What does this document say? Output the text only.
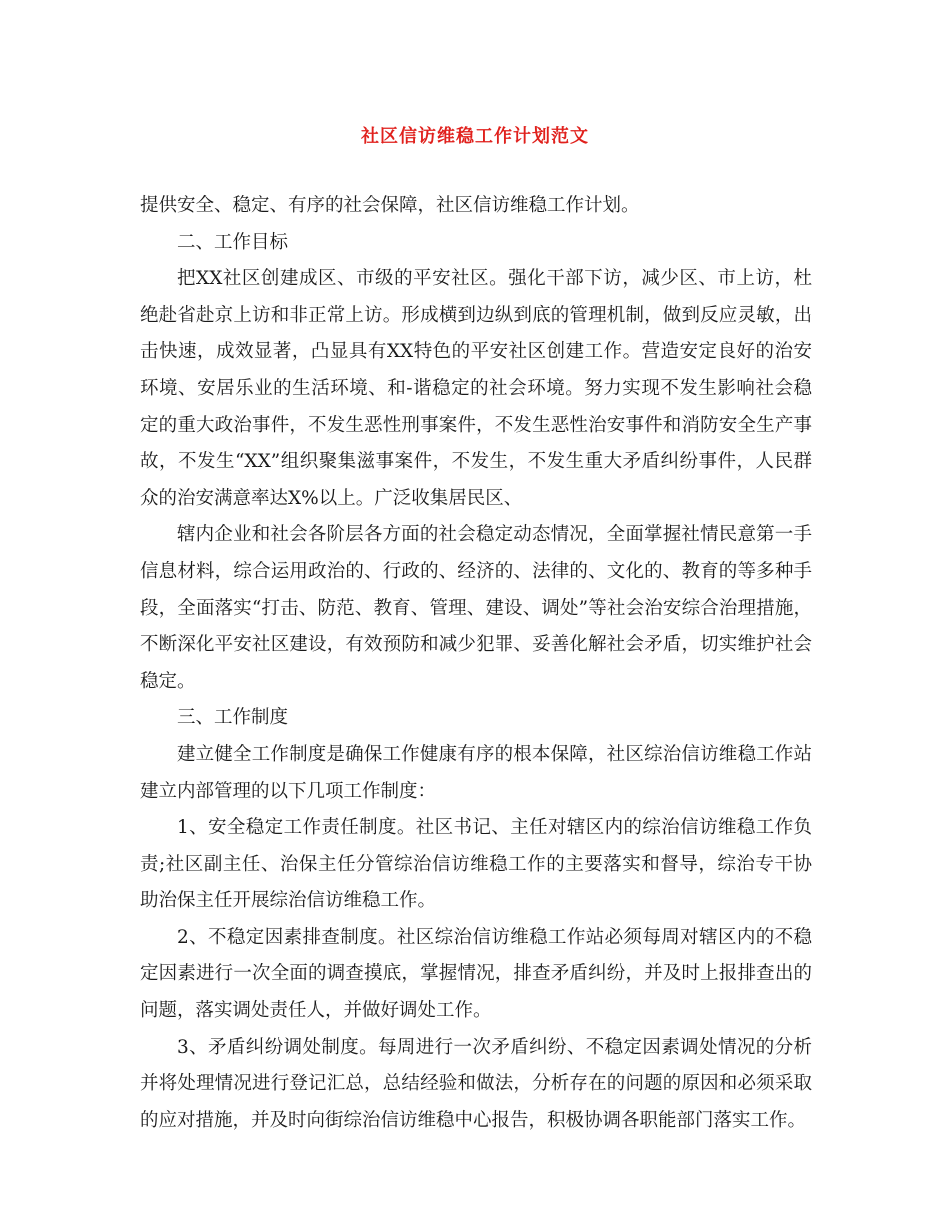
社区信访维稳工作计划范文

提供安全、稳定、有序的社会保障，社区信访维稳工作计划。

二、工作目标

把XX社区创建成区、市级的平安社区。强化干部下访，减少区、市上访，杜绝赴省赴京上访和非正常上访。形成横到边纵到底的管理机制，做到反应灵敏，出击快速，成效显著，凸显具有XX特色的平安社区创建工作。营造安定良好的治安环境、安居乐业的生活环境、和-谐稳定的社会环境。努力实现不发生影响社会稳定的重大政治事件，不发生恶性刑事案件，不发生恶性治安事件和消防安全生产事故，不发生“XX”组织聚集滋事案件，不发生，不发生重大矛盾纠纷事件，人民群众的治安满意率达X%以上。广泛收集居民区、

辖内企业和社会各阶层各方面的社会稳定动态情况，全面掌握社情民意第一手信息材料，综合运用政治的、行政的、经济的、法律的、文化的、教育的等多种手段，全面落实“打击、防范、教育、管理、建设、调处”等社会治安综合治理措施，不断深化平安社区建设，有效预防和减少犯罪、妥善化解社会矛盾，切实维护社会稳定。

三、工作制度

建立健全工作制度是确保工作健康有序的根本保障，社区综治信访维稳工作站建立内部管理的以下几项工作制度：

1、安全稳定工作责任制度。社区书记、主任对辖区内的综治信访维稳工作负责;社区副主任、治保主任分管综治信访维稳工作的主要落实和督导，综治专干协助治保主任开展综治信访维稳工作。

2、不稳定因素排查制度。社区综治信访维稳工作站必须每周对辖区内的不稳定因素进行一次全面的调查摸底，掌握情况，排查矛盾纠纷，并及时上报排查出的问题，落实调处责任人，并做好调处工作。

3、矛盾纠纷调处制度。每周进行一次矛盾纠纷、不稳定因素调处情况的分析并将处理情况进行登记汇总，总结经验和做法，分析存在的问题的原因和必须采取的应对措施，并及时向街综治信访维稳中心报告，积极协调各职能部门落实工作。
